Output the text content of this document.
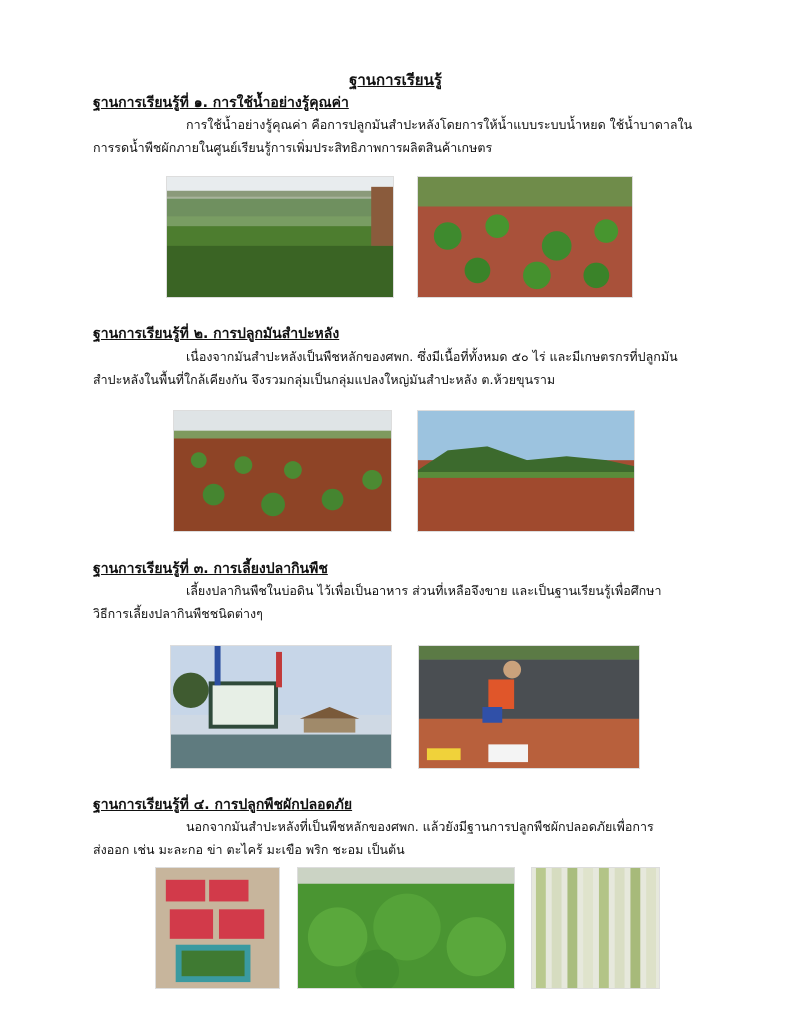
ฐานการเรียนรู้
ฐานการเรียนรู้ที่ ๑. การใช้น้ำอย่างรู้คุณค่า
การใช้น้ำอย่างรู้คุณค่า คือการปลูกมันสำปะหลังโดยการให้น้ำแบบระบบน้ำหยด ใช้น้ำบาดาลใน
การรดน้ำพืชผักภายในศูนย์เรียนรู้การเพิ่มประสิทธิภาพการผลิตสินค้าเกษตร
ฐานการเรียนรู้ที่ ๒. การปลูกมันสำปะหลัง
เนื่องจากมันสำปะหลังเป็นพืชหลักของศพก. ซึ่งมีเนื้อที่ทั้งหมด ๕๐ ไร่ และมีเกษตรกรที่ปลูกมัน
สำปะหลังในพื้นที่ใกล้เคียงกัน จึงรวมกลุ่มเป็นกลุ่มแปลงใหญ่มันสำปะหลัง ต.ห้วยขุนราม
ฐานการเรียนรู้ที่ ๓. การเลี้ยงปลากินพืช
เลี้ยงปลากินพืชในบ่อดิน ไว้เพื่อเป็นอาหาร ส่วนที่เหลือจึงขาย และเป็นฐานเรียนรู้เพื่อศึกษา
วิธีการเลี้ยงปลากินพืชชนิดต่างๆ
ฐานการเรียนรู้ที่ ๔. การปลูกพืชผักปลอดภัย
นอกจากมันสำปะหลังที่เป็นพืชหลักของศพก. แล้วยังมีฐานการปลูกพืชผักปลอดภัยเพื่อการ
ส่งออก เช่น มะละกอ ข่า ตะไคร้ มะเขือ พริก ชะอม เป็นต้น
